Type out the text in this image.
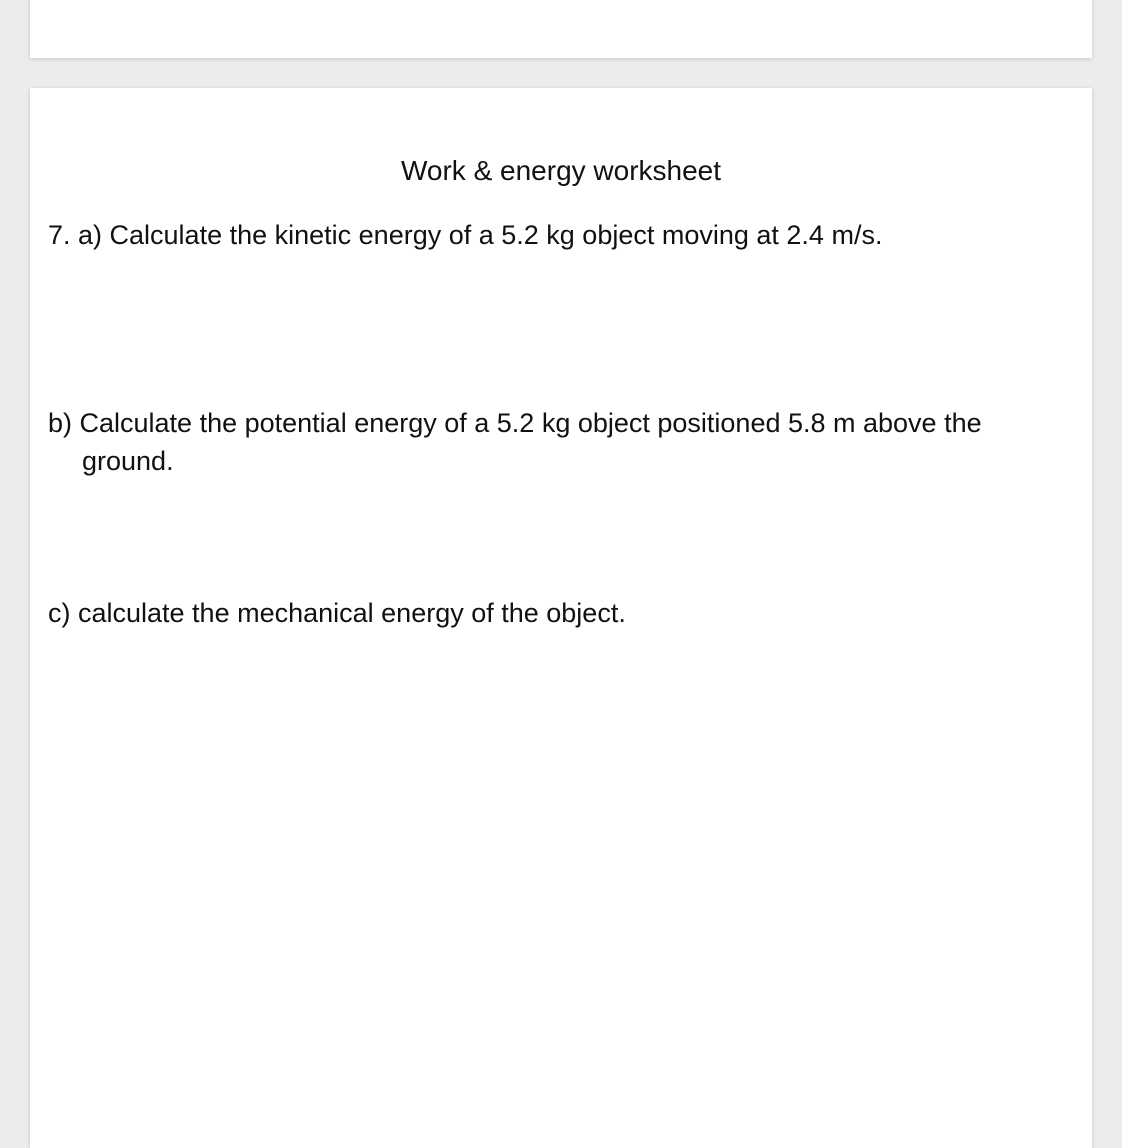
Work & energy worksheet
7. a) Calculate the kinetic energy of a 5.2 kg object moving at 2.4 m/s.
b) Calculate the potential energy of a 5.2 kg object positioned 5.8 m above the ground.
c) calculate the mechanical energy of the object.
